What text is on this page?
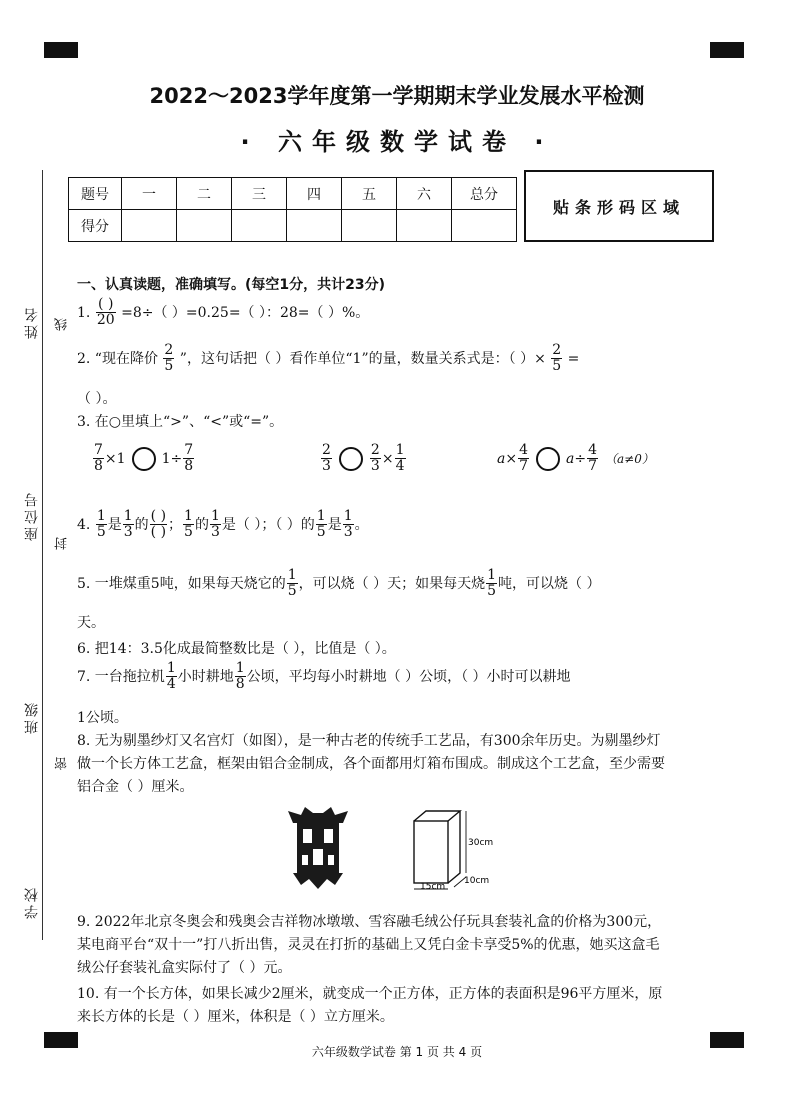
姓名
座位号
班级
学校
线
封
密
2022～2023学年度第一学期期末学业发展水平检测
· 六年级数学试卷 ·
题号	一	二	三	四	五	六	总分
得分							
贴条形码区域
一、认真读题，准确填写。(每空1分，共计23分)
1. $\frac{( )}{20} =8\div$（ ）=0.25=（ ）：28=（ ）%。
2. “现在降价 $\frac{2}{5}$ ”，这句话把（ ）看作单位“1”的量，数量关系式是：（ ）× $\frac{2}{5}$ =
（ ）。
3. 在○里填上“>”、“<”或“=”。
$\frac{7}{8} \times 1$	$1\div \frac{7}{8}$	$\frac{2}{3}$	$\frac{2}{3} \times \frac{1}{4}$	$a\times \frac{4}{7}$	$a\div \frac{4}{7} (a\ne 0)$
4. $\frac{1}{5}$ 是 $\frac{1}{3}$ 的 $\frac{( )}{( )}$ ； $\frac{1}{5}$ 的 $\frac{1}{3}$ 是（ ）；（ ）的 $\frac{1}{5}$ 是 $\frac{1}{3}$ 。
5. 一堆煤重5吨，如果每天烧它的 $\frac{1}{5}$ ，可以烧（ ）天；如果每天烧 $\frac{1}{5}$ 吨，可以烧（ ）
天。
6. 把14：3.5化成最简整数比是（ ），比值是（ ）。
7. 一台拖拉机 $\frac{1}{4}$ 小时耕地 $\frac{1}{8}$ 公顷，平均每小时耕地（ ）公顷，（ ）小时可以耕地
1公顷。
8. 无为剔墨纱灯又名宫灯（如图），是一种古老的传统手工艺品，有300余年历史。为剔墨纱灯
做一个长方体工艺盒，框架由铝合金制成，各个面都用灯箱布围成。制成这个工艺盒，至少需要
铝合金（ ）厘米。
9. 2022年北京冬奥会和残奥会吉祥物冰墩墩、雪容融毛绒公仔玩具套装礼盒的价格为300元，
某电商平台“双十一”打八折出售，灵灵在打折的基础上又凭白金卡享受5%的优惠，她买这盒毛
绒公仔套装礼盒实际付了（ ）元。
10. 有一个长方体，如果长减少2厘米，就变成一个正方体，正方体的表面积是96平方厘米，原
来长方体的长是（ ）厘米，体积是（ ）立方厘米。
30cm
10cm
15cm
六年级数学试卷 第 1 页 共 4 页
